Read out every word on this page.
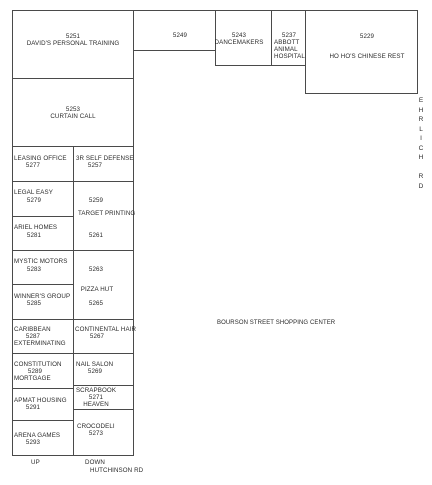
5251
DAVID'S PERSONAL TRAINING
5249	5243
DANCEMAKERS
5237
ABBOTT
ANIMAL
HOSPITAL
5229
HO HO'S CHINESE REST
5253
CURTAIN CALL
LEASING OFFICE
5277
LEGAL EASY
5279
ARIEL HOMES
5281
MYSTIC MOTORS
5283
WINNER'S GROUP
5285
CARIBBEAN
5287
EXTERMINATING
CONSTITUTION
5289
MORTGAGE
APMAT HOUSING
5291
ARENA GAMES
5293
3R SELF DEFENSE
5257
5259
TARGET PRINTING
5261
5263
PIZZA HUT
5265
CONTINENTAL HAIR
5267
NAIL SALON
5269
SCRAPBOOK
5271
HEAVEN
CROCODELI
5273
BOURSON STREET SHOPPING CENTER
E
H
R
L
I
C
H
R
D
UP	DOWN
HUTCHINSON RD
